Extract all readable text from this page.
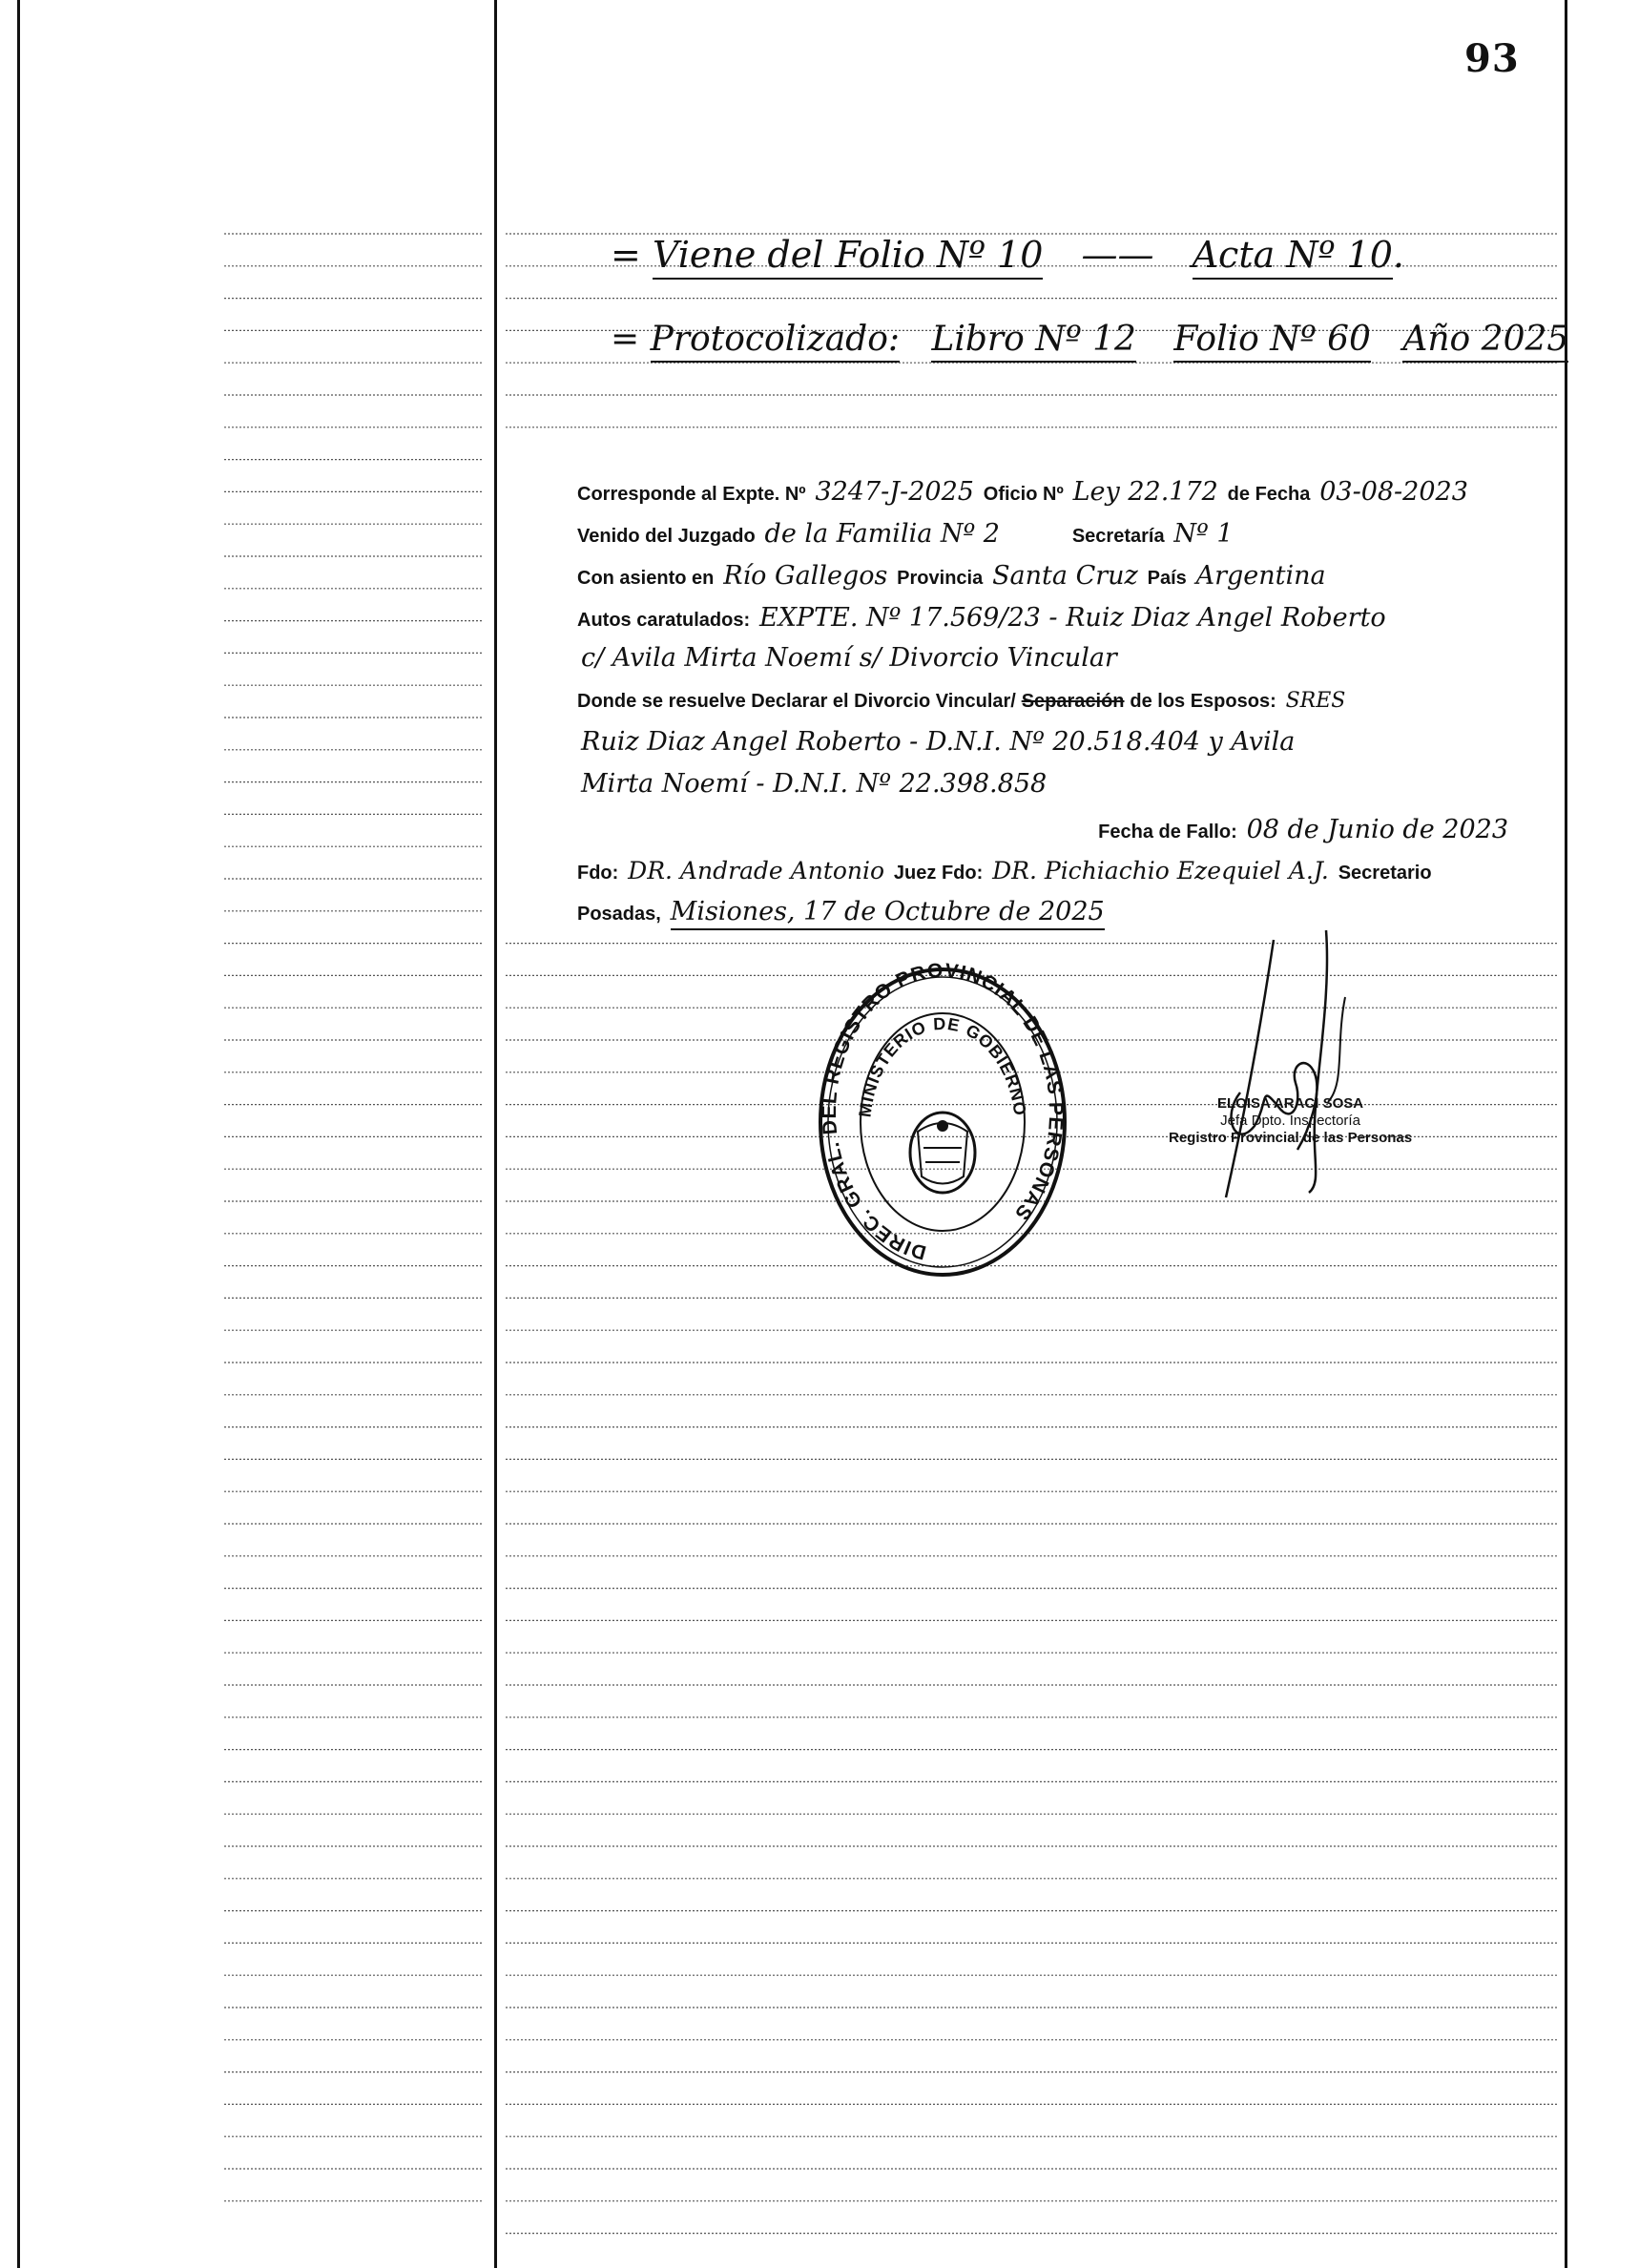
93
= Viene del Folio Nº 10 —— Acta Nº 10.
= Protocolizado: Libro Nº 12 Folio Nº 60 Año 2025
Corresponde al Expte. Nº 3247-J-2025 Oficio Nº Ley 22.172 de Fecha 03-08-2023
Venido del Juzgado de la Familia Nº 2	Secretaría Nº 1
Con asiento en Río Gallegos Provincia Santa Cruz País Argentina
Autos caratulados: EXPTE. Nº 17.569/23 - Ruiz Diaz Angel Roberto
c/ Avila Mirta Noemí s/ Divorcio Vincular
Donde se resuelve Declarar el Divorcio Vincular/ Separación de los Esposos: SRES
Ruiz Diaz Angel Roberto - D.N.I. Nº 20.518.404 y Avila
Mirta Noemí - D.N.I. Nº 22.398.858
Fecha de Fallo: 08 de Junio de 2023
Fdo: DR. Andrade Antonio Juez Fdo: DR. Pichiachio Ezequiel A.J. Secretario
Posadas, Misiones, 17 de Octubre de 2025
DIREC. GRAL. DEL REGISTRO PROVINCIAL DE LAS PERSONAS
MINISTERIO DE GOBIERNO	ELOISA ARACI SOSA
Jefa Dpto. Inspectoría
Registro Provincial de las Personas
